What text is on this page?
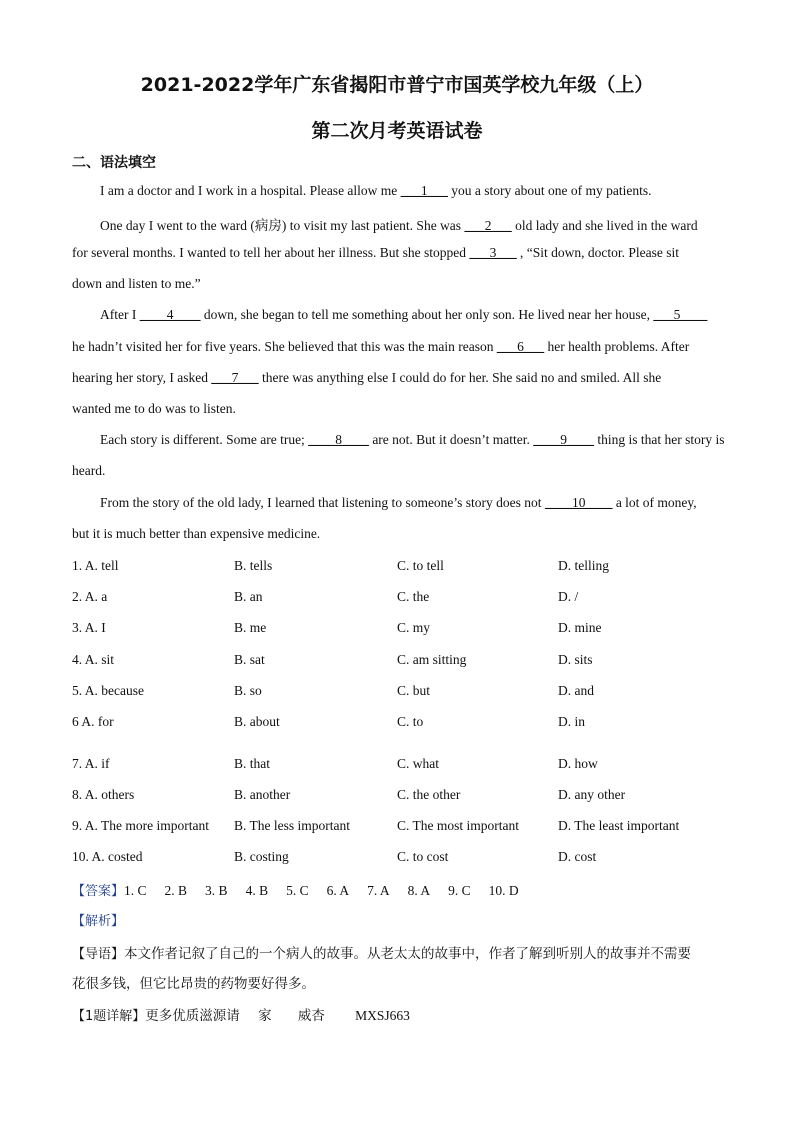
2021-2022学年广东省揭阳市普宁市国英学校九年级（上）
第二次月考英语试卷
二、语法填空
I am a doctor and I work in a hospital. Please allow me ___1___ you a story about one of my patients.
One day I went to the ward (病房) to visit my last patient. She was ___2___ old lady and she lived in the ward
for several months. I wanted to tell her about her illness. But she stopped ___3___ , “Sit down, doctor. Please sit
down and listen to me.”
After I ____4____ down, she began to tell me something about her only son. He lived near her house, ___5____
he hadn’t visited her for five years. She believed that this was the main reason ___6___ her health problems. After
hearing her story, I asked ___7___ there was anything else I could do for her. She said no and smiled. All she
wanted me to do was to listen.
Each story is different. Some are true; ____8____ are not. But it doesn’t matter. ____9____ thing is that her story is
heard.
From the story of the old lady, I learned that listening to someone’s story does not ____10____ a lot of money,
but it is much better than expensive medicine.
1. A. tell	B. tells	C. to tell	D. telling
2. A. a	B. an	C. the	D. /
3. A. I	B. me	C. my	D. mine
4. A. sit	B. sat	C. am sitting	D. sits
5. A. because	B. so	C. but	D. and
6 A. for	B. about	C. to	D. in
7. A. if	B. that	C. what	D. how
8. A. others	B. another	C. the other	D. any other
9. A. The more important B. The less important	C. The most important	D. The least important
10. A. costed	B. costing	C. to cost	D. cost
【答案】1. C 2. B 3. B 4. B 5. C 6. A 7. A 8. A 9. C 10. D
【解析】
【导语】本文作者记叙了自己的一个病人的故事。从老太太的故事中，作者了解到听别人的故事并不需要
花很多钱，但它比昂贵的药物要好得多。
【1题详解】更多优质滋源请 家 威杏 MXSJ663
